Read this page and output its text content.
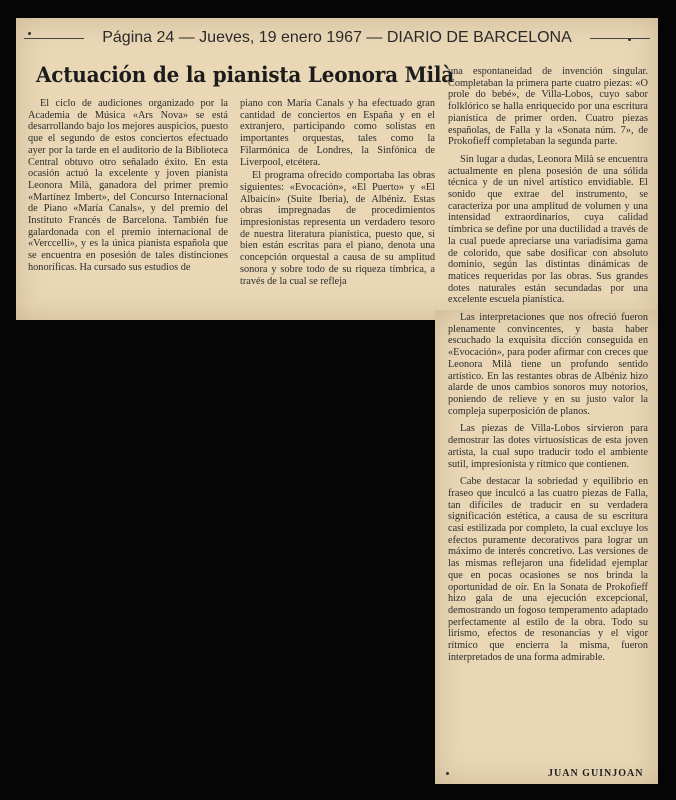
Página 24 — Jueves, 19 enero 1967 — DIARIO DE BARCELONA
Actuación de la pianista Leonora Milà

El ciclo de audiciones organizado por la Academia de Música «Ars Nova» se está desarrollando bajo los mejores auspicios, puesto que el segundo de estos conciertos efectuado ayer por la tarde en el auditorio de la Biblioteca Central obtuvo otro señalado éxito. En esta ocasión actuó la excelente y joven pianista Leonora Milà, ganadora del primer premio «Martínez Imbert», del Concurso Internacional de Piano «María Canals», y del premio del Instituto Francés de Barcelona. También fue galardonada con el premio internacional de «Verccelli», y es la única pianista española que se encuentra en posesión de tales distinciones honoríficas. Ha cursado sus estudios de

piano con María Canals y ha efectuado gran cantidad de conciertos en España y en el extranjero, participando como solistas en importantes orquestas, tales como la Filarmónica de Londres, la Sinfónica de Liverpool, etcétera.

El programa ofrecido comportaba las obras siguientes: «Evocación», «El Puerto» y «El Albaicín» (Suite Iberia), de Albéniz. Estas obras impregnadas de procedimientos impresionistas representa un verdadero tesoro de nuestra literatura pianística, puesto que, si bien están escritas para el piano, denota una concepción orquestal a causa de su amplitud sonora y sobre todo de su riqueza tímbrica, a través de la cual se refleja

una espontaneidad de invención singular. Completaban la primera parte cuatro piezas: «O prole do bebé», de Villa-Lobos, cuyo sabor folklórico se halla enriquecido por una escritura pianística de primer orden. Cuatro piezas españolas, de Falla y la «Sonata núm. 7», de Prokofieff completaban la segunda parte.

Sin lugar a dudas, Leonora Milà se encuentra actualmente en plena posesión de una sólida técnica y de un nivel artístico envidiable. El sonido que extrae del instrumento, se caracteriza por una amplitud de volumen y una intensidad extraordinarios, cuya calidad tímbrica se define por una ductilidad a través de la cual puede apreciarse una variadísima gama de colorido, que sabe dosificar con absoluto dominio, según las distintas dinámicas de matices requeridas por las obras. Sus grandes dotes naturales están secundadas por una excelente escuela pianística.

Las interpretaciones que nos ofreció fueron plenamente convincentes, y basta haber escuchado la exquisita dicción conseguida en «Evocación», para poder afirmar con creces que Leonora Milà tiene un profundo sentido artístico. En las restantes obras de Albéniz hizo alarde de unos cambios sonoros muy notorios, poniendo de relieve y en su justo valor la compleja superposición de planos.

Las piezas de Villa-Lobos sirvieron para demostrar las dotes virtuosísticas de esta joven artista, la cual supo traducir todo el ambiente sutil, impresionista y rítmico que contienen.

Cabe destacar la sobriedad y equilibrio en fraseo que inculcó a las cuatro piezas de Falla, tan difíciles de traducir en su verdadera significación estética, a causa de su escritura casi estilizada por completo, la cual excluye los efectos puramente decorativos para lograr un máximo de interés concretivo. Las versiones de las mismas reflejaron una fidelidad ejemplar que en pocas ocasiones se nos brinda la oportunidad de oír. En la Sonata de Prokofieff hizo gala de una ejecución excepcional, demostrando un fogoso temperamento adaptado perfectamente al estilo de la obra. Todo su lirismo, efectos de resonancias y el vigor rítmico que encierra la misma, fueron interpretados de una forma admirable.

JUAN GUINJOAN
